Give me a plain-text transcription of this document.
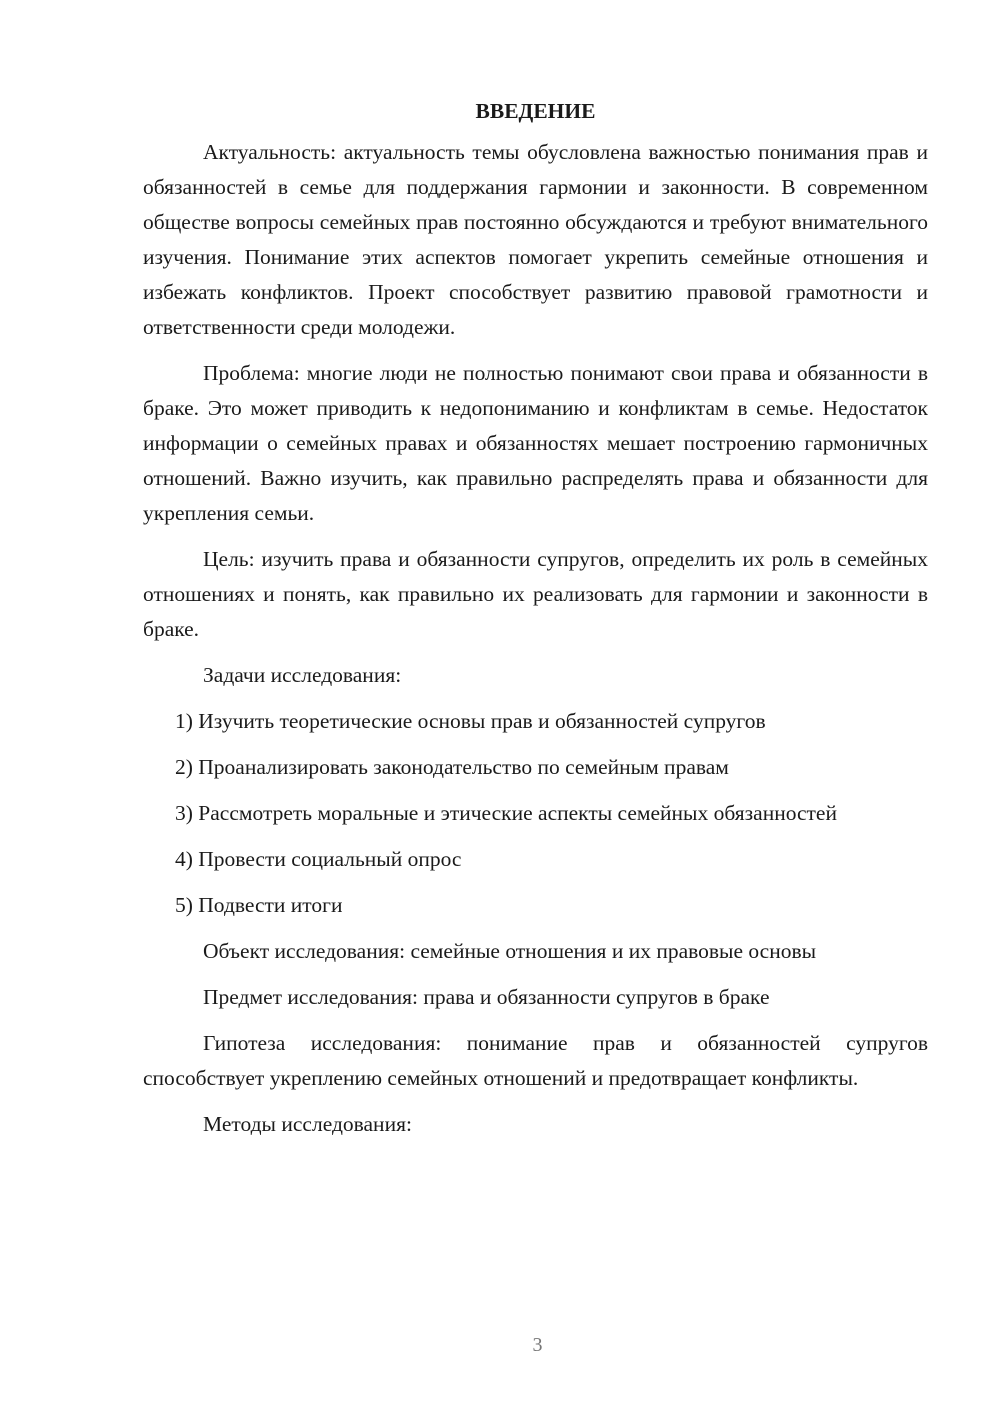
ВВЕДЕНИЕ

Актуальность: актуальность темы обусловлена важностью понимания прав и обязанностей в семье для поддержания гармонии и законности. В современном обществе вопросы семейных прав постоянно обсуждаются и требуют внимательного изучения. Понимание этих аспектов помогает укрепить семейные отношения и избежать конфликтов. Проект способствует развитию правовой грамотности и ответственности среди молодежи.

Проблема: многие люди не полностью понимают свои права и обязанности в браке. Это может приводить к недопониманию и конфликтам в семье. Недостаток информации о семейных правах и обязанностях мешает построению гармоничных отношений. Важно изучить, как правильно распределять права и обязанности для укрепления семьи.

Цель: изучить права и обязанности супругов, определить их роль в семейных отношениях и понять, как правильно их реализовать для гармонии и законности в браке.

Задачи исследования:

1) Изучить теоретические основы прав и обязанностей супругов

2) Проанализировать законодательство по семейным правам

3) Рассмотреть моральные и этические аспекты семейных обязанностей

4) Провести социальный опрос

5) Подвести итоги

Объект исследования: семейные отношения и их правовые основы

Предмет исследования: права и обязанности супругов в браке

Гипотеза исследования: понимание прав и обязанностей супругов способствует укреплению семейных отношений и предотвращает конфликты.

Методы исследования:

3
